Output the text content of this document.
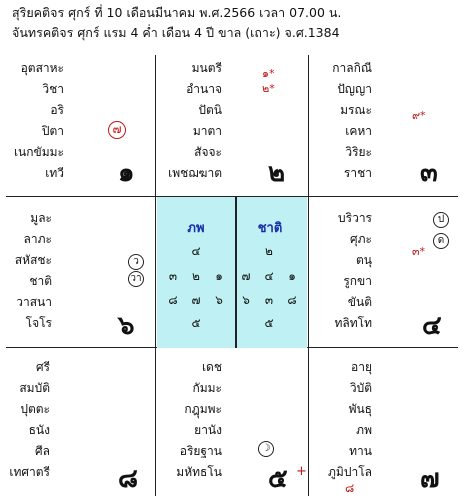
สุริยคติจร ศุกร์ ที่ 10 เดือนมีนาคม พ.ศ.2566 เวลา 07.00 น.
จันทรคติจร ศุกร์ แรม 4 ค่ำ เดือน 4 ปี ขาล (เถาะ) จ.ศ.1384
อุตสาหะ
วิชา
อริ
ปิตา
เนกขัมมะ
เทวี
๗
๑
มนตรี
อำนาจ
ปัตนิ
มาตา
สัจจะ
เพชฌฆาต
๑*
๒*
๒
กาลกิณี
ปัญญา
มรณะ
เคหา
วิริยะ
ราชา
๙*
๓
มูละ
ลาภะ
สหัสชะ
ชาติ
วาสนา
โจโร
ว
วา
๖
ภพ
๔
๓	๒	๑
๘ ๗	๖
๕
ชาติ
๒
๗ ๔	๑
๖	๓	๘
๕
บริวาร
ศุภะ
ตนุ
รูกขา
ขันติ
ทลิทโท
ป
ด
๓*
๔
ศรี
สมบัติ
ปุตตะ
ธนัง
ศีล
เทศาตรี	๘
เดช
กัมมะ
กฎุมพะ
ยานัง
อริยฐาน
มหัทธโน
☽
๕ +
อายุ
วิบัติ
พันธุ
ภพ
ทาน
ภูมิปาโล
๘	๗
